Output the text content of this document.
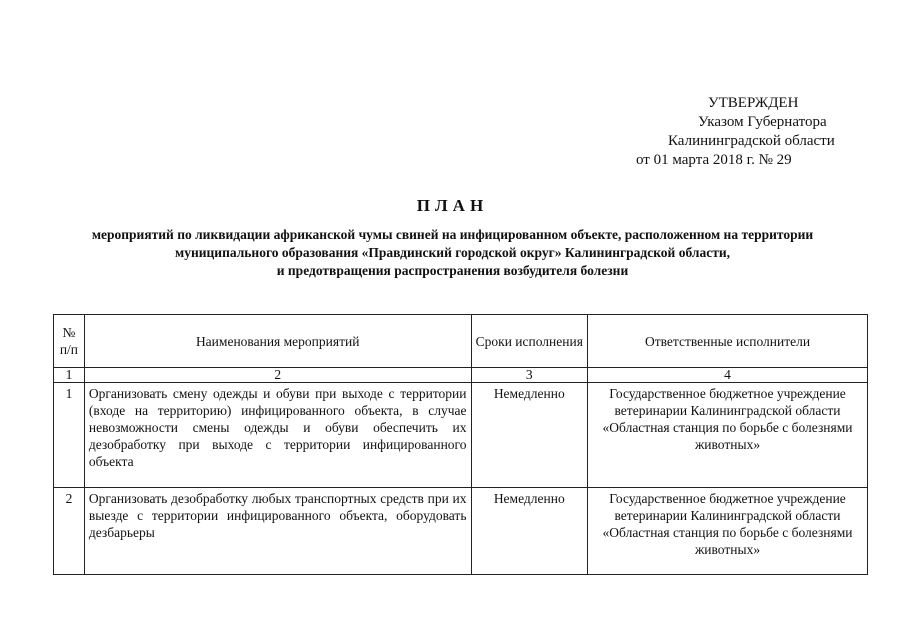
УТВЕРЖДЕН
Указом Губернатора
Калининградской области
от 01 марта 2018 г. № 29
ПЛАН
мероприятий по ликвидации африканской чумы свиней на инфицированном объекте, расположенном на территории
муниципального образования «Правдинский городской округ» Калининградской области,
и предотвращения распространения возбудителя болезни
№ п/п	Наименования мероприятий	Сроки исполнения	Ответственные исполнители
1	2	3	4
1	Организовать смену одежды и обуви при выходе с территории (входе на территорию) инфицированного объекта, в случае невозможности смены одежды и обуви обеспечить их дезобработку при выходе с территории инфицированного объекта	Немедленно	Государственное бюджетное учреждение ветеринарии Калининградской области «Областная станция по борьбе с болезнями животных»
2	Организовать дезобработку любых транспортных средств при их выезде с территории инфицированного объекта, оборудовать дезбарьеры	Немедленно	Государственное бюджетное учреждение ветеринарии Калининградской области «Областная станция по борьбе с болезнями животных»
